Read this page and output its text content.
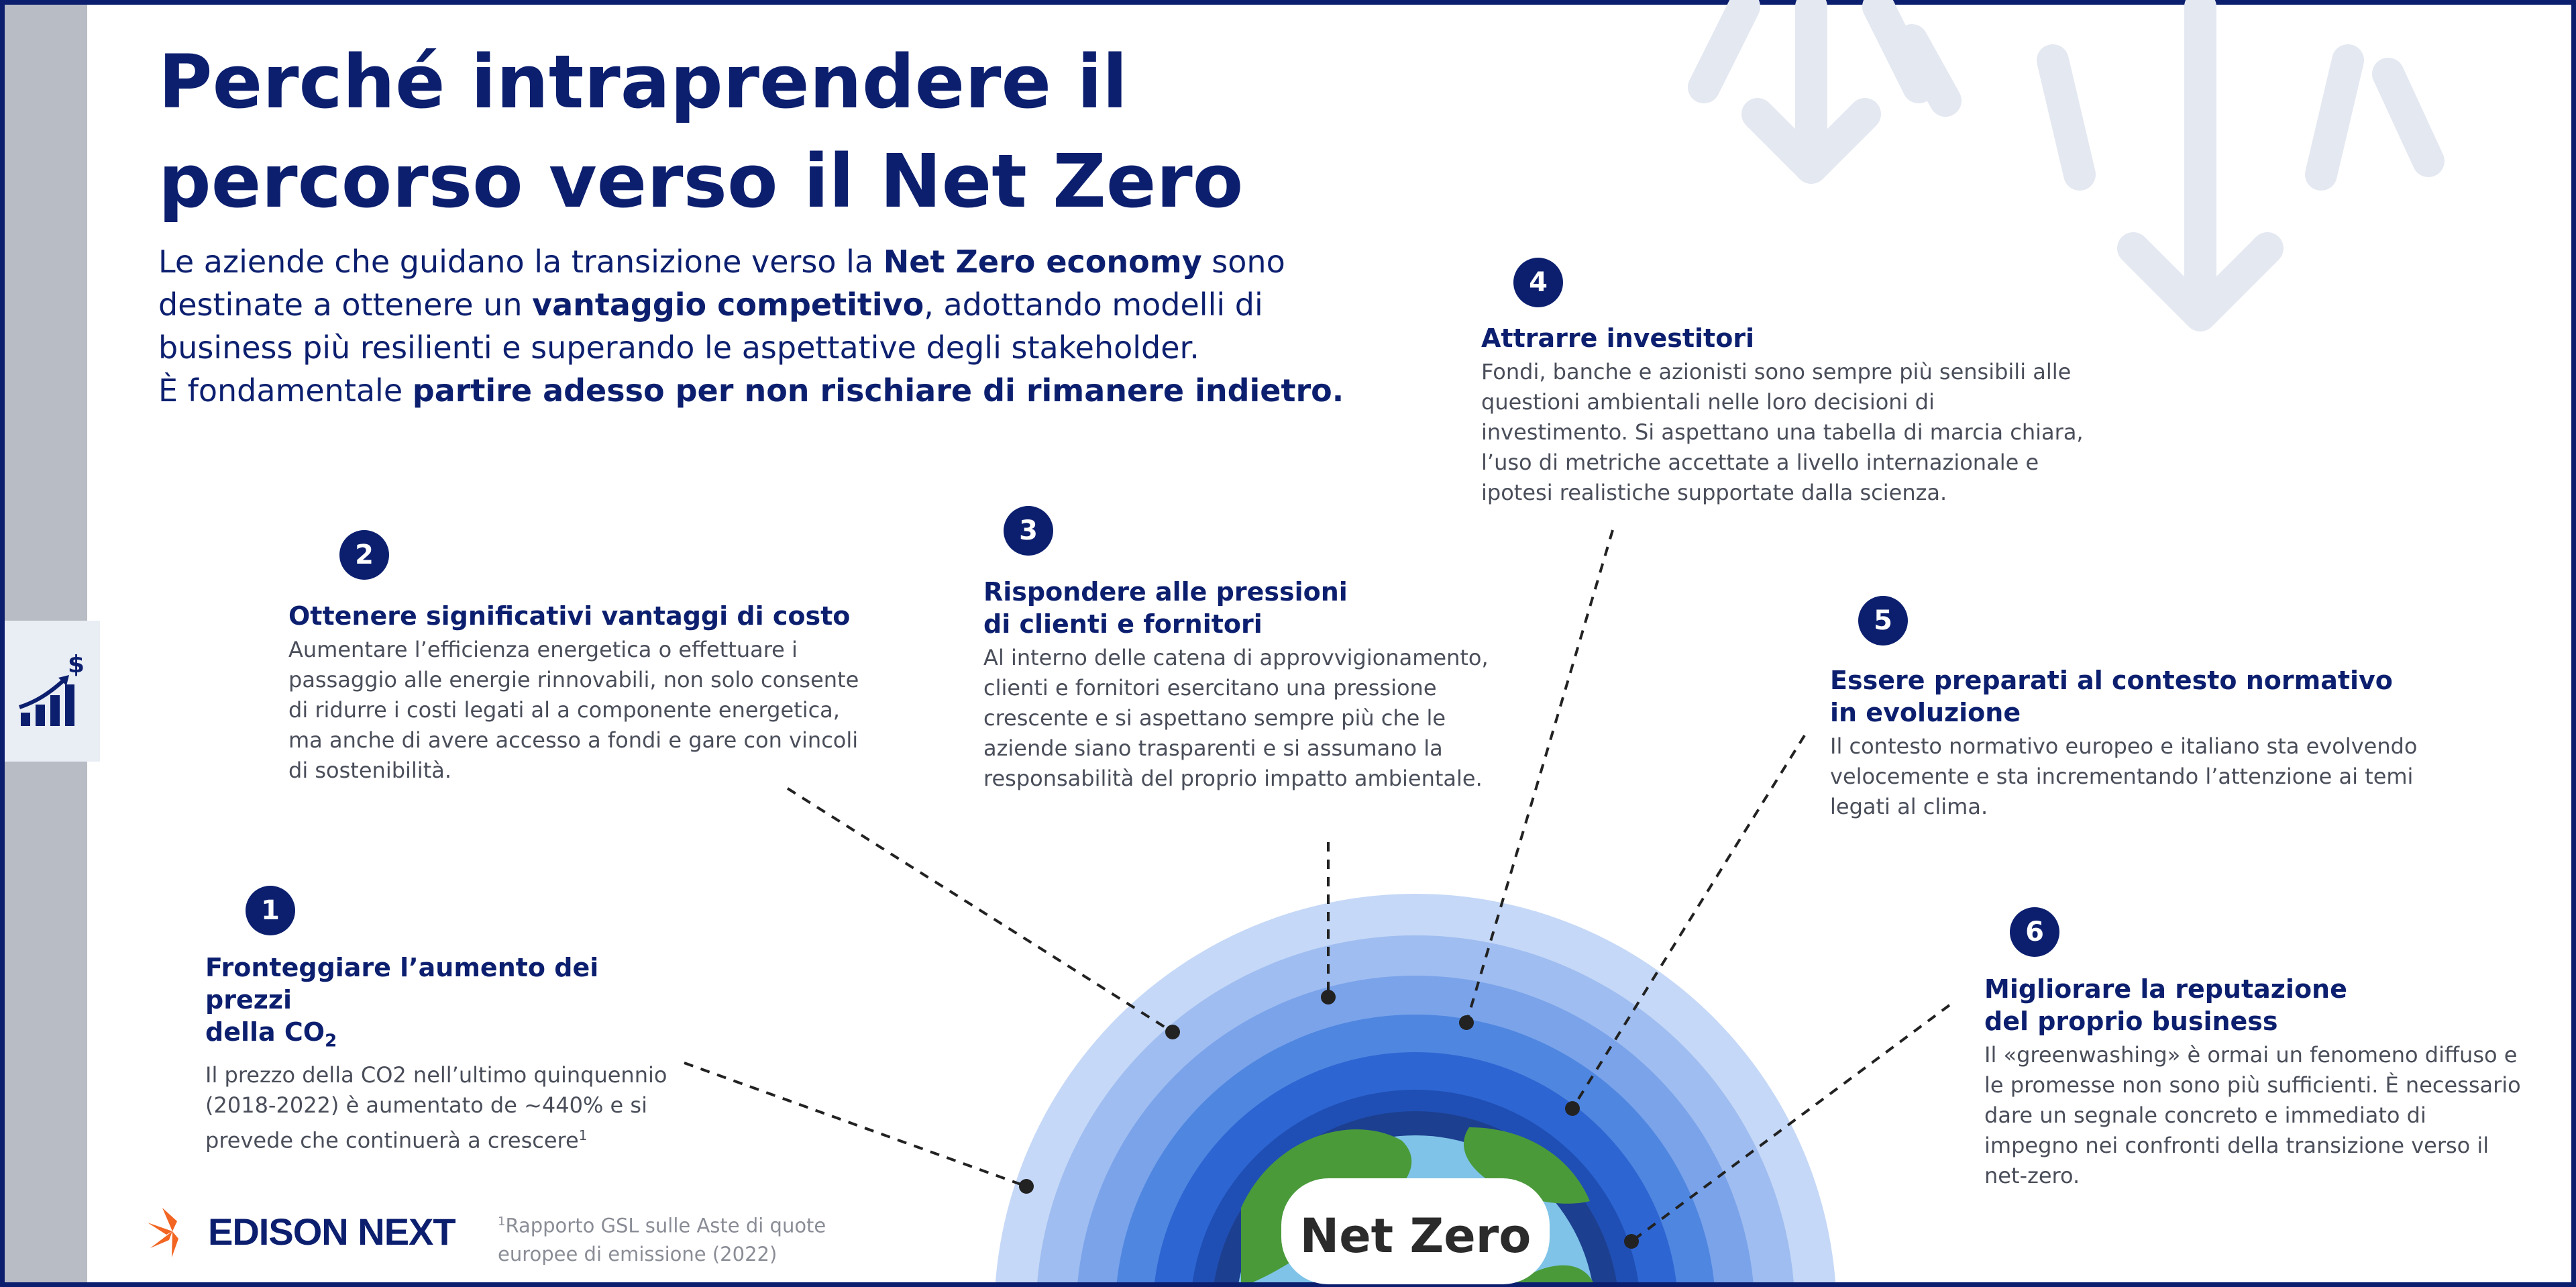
$
Perché intraprendere il
percorso verso il Net Zero
Le aziende che guidano la transizione verso la Net Zero economy sono
destinate a ottenere un vantaggio competitivo, adottando modelli di
business più resilienti e superando le aspettative degli stakeholder.
È fondamentale partire adesso per non rischiare di rimanere indietro.
1
Fronteggiare l’aumento dei prezzi
della $CO_2$

Il prezzo della CO2 nell’ultimo quinquennio (2018-2022) è aumentato de ~440% e si prevede che continuerà a crescere$^1$

2
Ottenere significativi vantaggi di costo

Aumentare l’efficienza energetica o effettuare i passaggio alle energie rinnovabili, non solo consente di ridurre i costi legati al a componente energetica, ma anche di avere accesso a fondi e gare con vincoli di sostenibilità.

3
Rispondere alle pressioni
di clienti e fornitori

Al interno delle catena di approvvigionamento, clienti e fornitori esercitano una pressione crescente e si aspettano sempre più che le aziende siano trasparenti e si assumano la responsabilità del proprio impatto ambientale.

4
Attrarre investitori

Fondi, banche e azionisti sono sempre più sensibili alle questioni ambientali nelle loro decisioni di investimento. Si aspettano una tabella di marcia chiara, l’uso di metriche accettate a livello internazionale e ipotesi realistiche supportate dalla scienza.

5
Essere preparati al contesto normativo
in evoluzione

Il contesto normativo europeo e italiano sta evolvendo velocemente e sta incrementando l’attenzione ai temi legati al clima.

6
Migliorare la reputazione
del proprio business

Il «greenwashing» è ormai un fenomeno diffuso e le promesse non sono più sufficienti. È necessario dare un segnale concreto e immediato di impegno nei confronti della transizione verso il net-zero.

Net Zero
EDISON NEXT	$^1$Rapporto GSL sulle Aste di quote europee di emissione (2022)
